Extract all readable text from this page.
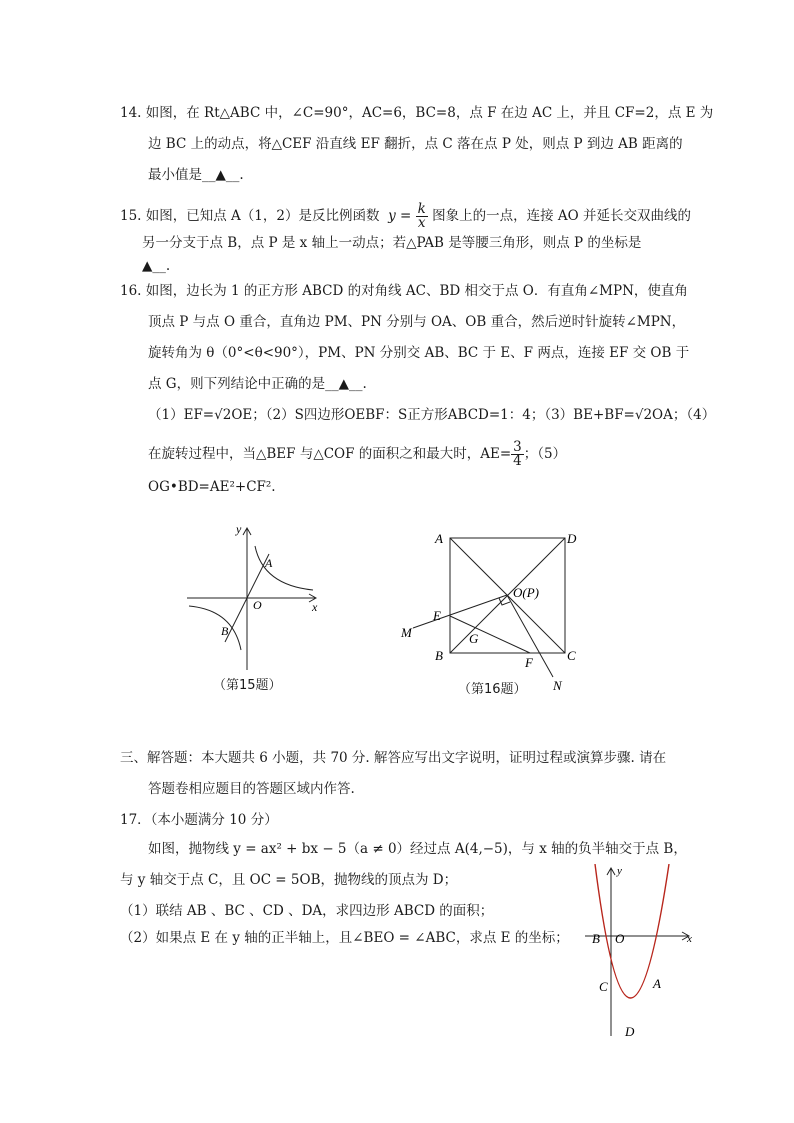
14. 如图，在 Rt△ABC 中，∠C=90°，AC=6，BC=8，点 F 在边 AC 上，并且 CF=2，点 E 为
边 BC 上的动点，将△CEF 沿直线 EF 翻折，点 C 落在点 P 处，则点 P 到边 AB 距离的
最小值是__▲__.
15. 如图，已知点 A（1，2）是反比例函数  $y = \frac{k}{x}$ 图象上的一点，连接 AO 并延长交双曲线的
另一分支于点 B，点 P 是 x 轴上一动点；若△PAB 是等腰三角形，则点 P 的坐标是
▲__.
16. 如图，边长为 1 的正方形 ABCD 的对角线 AC、BD 相交于点 O．有直角∠MPN，使直角
顶点 P 与点 O 重合，直角边 PM、PN 分别与 OA、OB 重合，然后逆时针旋转∠MPN，
旋转角为 θ（0°<θ<90°），PM、PN 分别交 AB、BC 于 E、F 两点，连接 EF 交 OB 于
点 G，则下列结论中正确的是__▲__.
（1）EF=√2OE；（2）S四边形OEBF：S正方形ABCD=1：4；（3）BE+BF=√2OA；（4）
在旋转过程中，当△BEF 与△COF 的面积之和最大时，$AE= \frac{3}{4}$ ；（5）
OG•BD=AE²+CF².
y
x
A
B
O
（第15题）
A	D
B	C
O(P)
E
M	G
F
N
（第16题）
三、解答题：本大题共 6 小题，共 70 分. 解答应写出文字说明，证明过程或演算步骤. 请在
答题卷相应题目的答题区域内作答.
17．（本小题满分 10 分）
如图，抛物线 y = ax² + bx − 5（a ≠ 0）经过点 A(4,−5)，与 x 轴的负半轴交于点 B，
与 y 轴交于点 C，且 OC = 5OB，抛物线的顶点为 D；
（1）联结 AB 、BC 、CD 、DA，求四边形 ABCD 的面积；
（2）如果点 E 在 y 轴的正半轴上，且∠BEO = ∠ABC，求点 E 的坐标；
y
x
B O
C	A
D
